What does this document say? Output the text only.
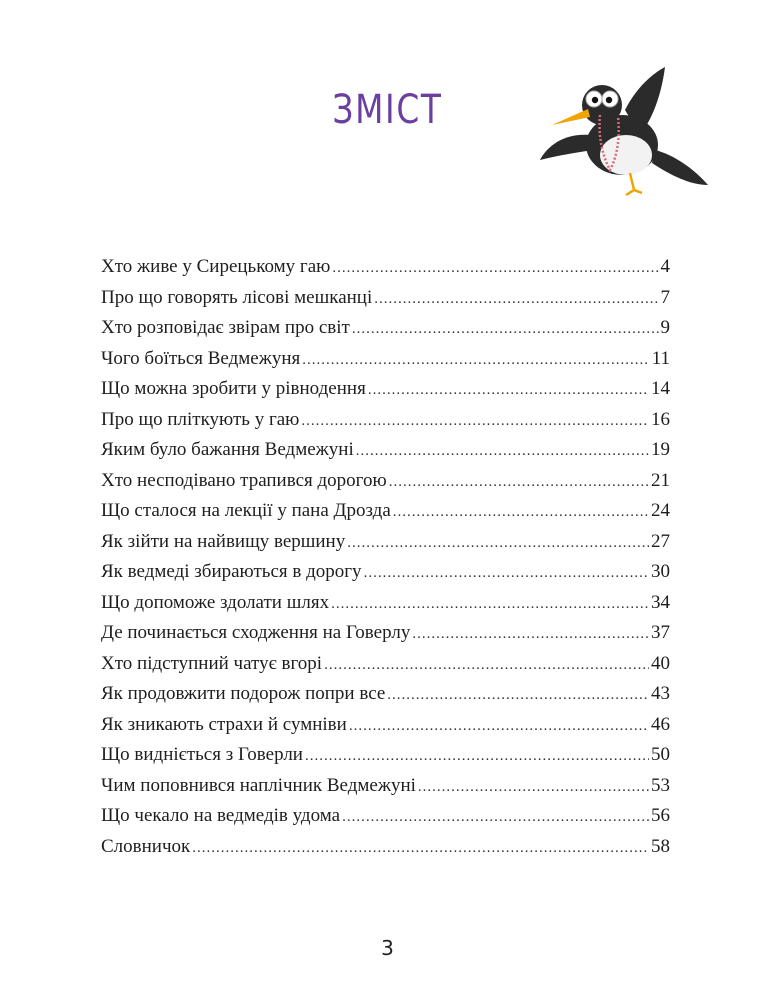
ЗМІСТ
Хто живе у Сирецькому гаю .....	4
Про що говорять лісові мешканці .....	7
Хто розповідає звірам про світ .....	9
Чого боїться Ведмежуня .....	11
Що можна зробити у рівнодення .....	14
Про що пліткують у гаю .....	16
Яким було бажання Ведмежуні .....	19
Хто несподівано трапився дорогою .....	21
Що сталося на лекції у пана Дрозда .....	24
Як зійти на найвищу вершину .....	27
Як ведмеді збираються в дорогу .....	30
Що допоможе здолати шлях .....	34
Де починається сходження на Говерлу .....	37
Хто підступний чатує вгорі .....	40
Як продовжити подорож попри все .....	43
Як зникають страхи й сумніви .....	46
Що видніється з Говерли .....	50
Чим поповнився наплічник Ведмежуні .....	53
Що чекало на ведмедів удома .....	56
Словничок .....	58
3
